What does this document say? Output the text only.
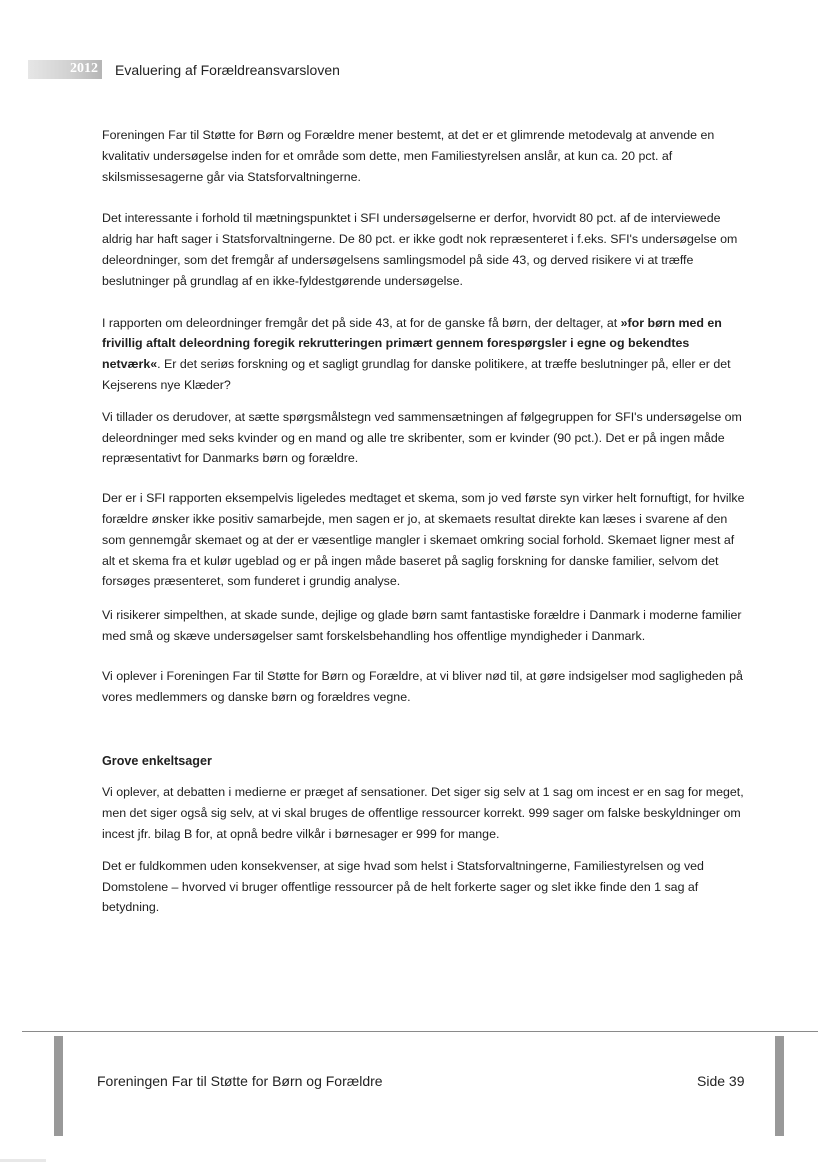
2012 Evaluering af Forældreansvarsloven

Foreningen Far til Støtte for Børn og Forældre mener bestemt, at det er et glimrende metodevalg at anvende en kvalitativ undersøgelse inden for et område som dette, men Familiestyrelsen anslår, at kun ca. 20 pct. af skilsmissesagerne går via Statsforvaltningerne.

Det interessante i forhold til mætningspunktet i SFI undersøgelserne er derfor, hvorvidt 80 pct. af de interviewede aldrig har haft sager i Statsforvaltningerne. De 80 pct. er ikke godt nok repræsenteret i f.eks. SFI's undersøgelse om deleordninger, som det fremgår af undersøgelsens samlingsmodel på side 43, og derved risikere vi at træffe beslutninger på grundlag af en ikke-fyldestgørende undersøgelse.

I rapporten om deleordninger fremgår det på side 43, at for de ganske få børn, der deltager, at »for børn med en frivillig aftalt deleordning foregik rekrutteringen primært gennem forespørgsler i egne og bekendtes netværk«. Er det seriøs forskning og et sagligt grundlag for danske politikere, at træffe beslutninger på, eller er det Kejserens nye Klæder?

Vi tillader os derudover, at sætte spørgsmålstegn ved sammensætningen af følgegruppen for SFI's undersøgelse om deleordninger med seks kvinder og en mand og alle tre skribenter, som er kvinder (90 pct.). Det er på ingen måde repræsentativt for Danmarks børn og forældre.

Der er i SFI rapporten eksempelvis ligeledes medtaget et skema, som jo ved første syn virker helt fornuftigt, for hvilke forældre ønsker ikke positiv samarbejde, men sagen er jo, at skemaets resultat direkte kan læses i svarene af den som gennemgår skemaet og at der er væsentlige mangler i skemaet omkring social forhold. Skemaet ligner mest af alt et skema fra et kulør ugeblad og er på ingen måde baseret på saglig forskning for danske familier, selvom det forsøges præsenteret, som funderet i grundig analyse.

Vi risikerer simpelthen, at skade sunde, dejlige og glade børn samt fantastiske forældre i Danmark i moderne familier med små og skæve undersøgelser samt forskelsbehandling hos offentlige myndigheder i Danmark.

Vi oplever i Foreningen Far til Støtte for Børn og Forældre, at vi bliver nød til, at gøre indsigelser mod sagligheden på vores medlemmers og danske børn og forældres vegne.

Grove enkeltsager

Vi oplever, at debatten i medierne er præget af sensationer. Det siger sig selv at 1 sag om incest er en sag for meget, men det siger også sig selv, at vi skal bruges de offentlige ressourcer korrekt. 999 sager om falske beskyldninger om incest jfr. bilag B for, at opnå bedre vilkår i børnesager er 999 for mange.

Det er fuldkommen uden konsekvenser, at sige hvad som helst i Statsforvaltningerne, Familiestyrelsen og ved Domstolene – hvorved vi bruger offentlige ressourcer på de helt forkerte sager og slet ikke finde den 1 sag af betydning.

Foreningen Far til Støtte for Børn og Forældre	Side 39
